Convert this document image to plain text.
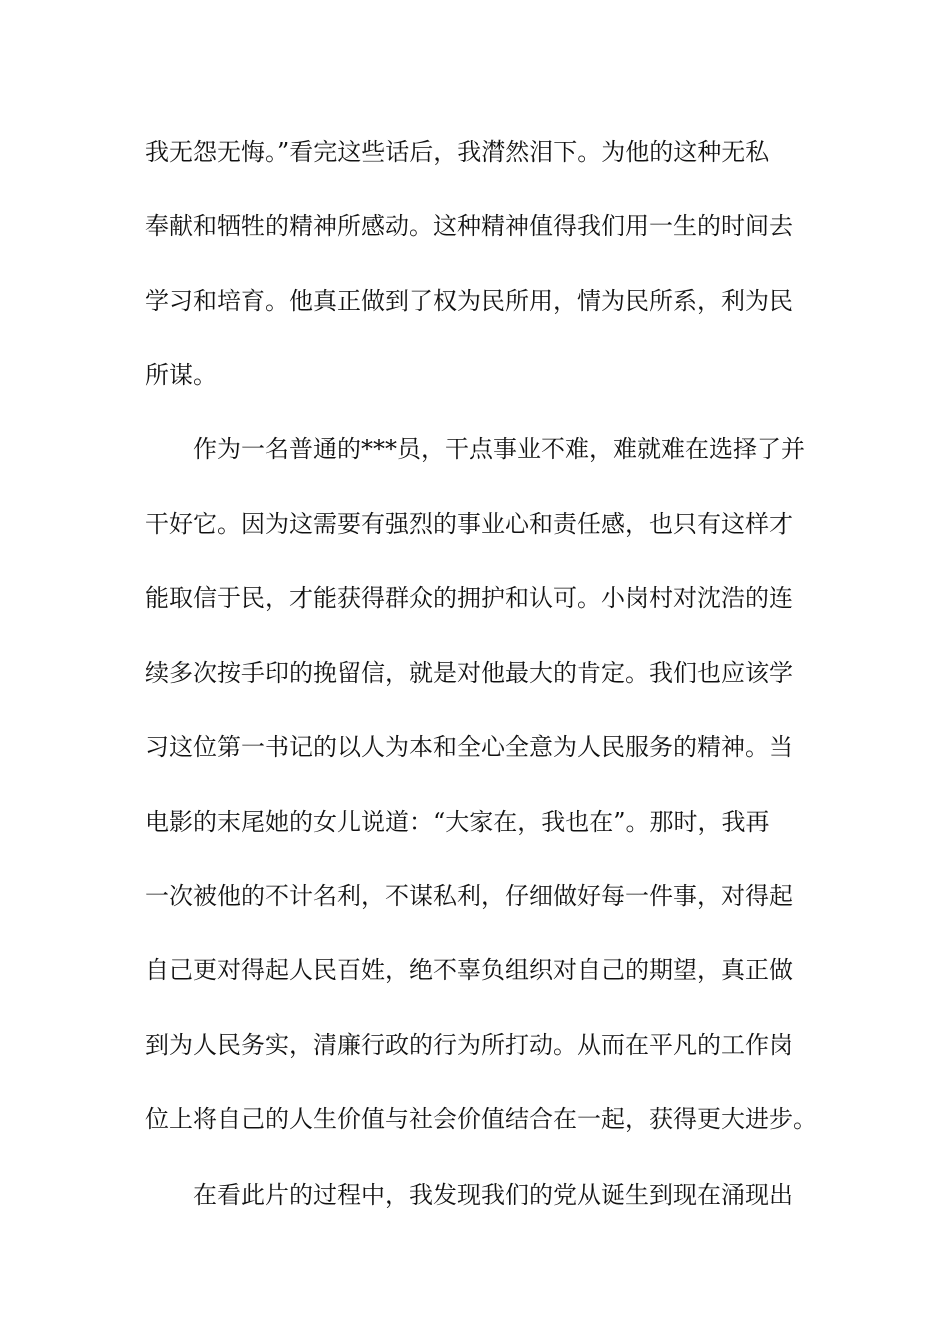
我无怨无悔。”看完这些话后，我潸然泪下。为他的这种无私

奉献和牺牲的精神所感动。这种精神值得我们用一生的时间去

学习和培育。他真正做到了权为民所用，情为民所系，利为民

所谋。

作为一名普通的***员，干点事业不难，难就难在选择了并

干好它。因为这需要有强烈的事业心和责任感，也只有这样才

能取信于民，才能获得群众的拥护和认可。小岗村对沈浩的连

续多次按手印的挽留信，就是对他最大的肯定。我们也应该学

习这位第一书记的以人为本和全心全意为人民服务的精神。当

电影的末尾她的女儿说道：“大家在，我也在”。那时，我再

一次被他的不计名利，不谋私利，仔细做好每一件事，对得起

自己更对得起人民百姓，绝不辜负组织对自己的期望，真正做

到为人民务实，清廉行政的行为所打动。从而在平凡的工作岗

位上将自己的人生价值与社会价值结合在一起，获得更大进步。

在看此片的过程中，我发现我们的党从诞生到现在涌现出
